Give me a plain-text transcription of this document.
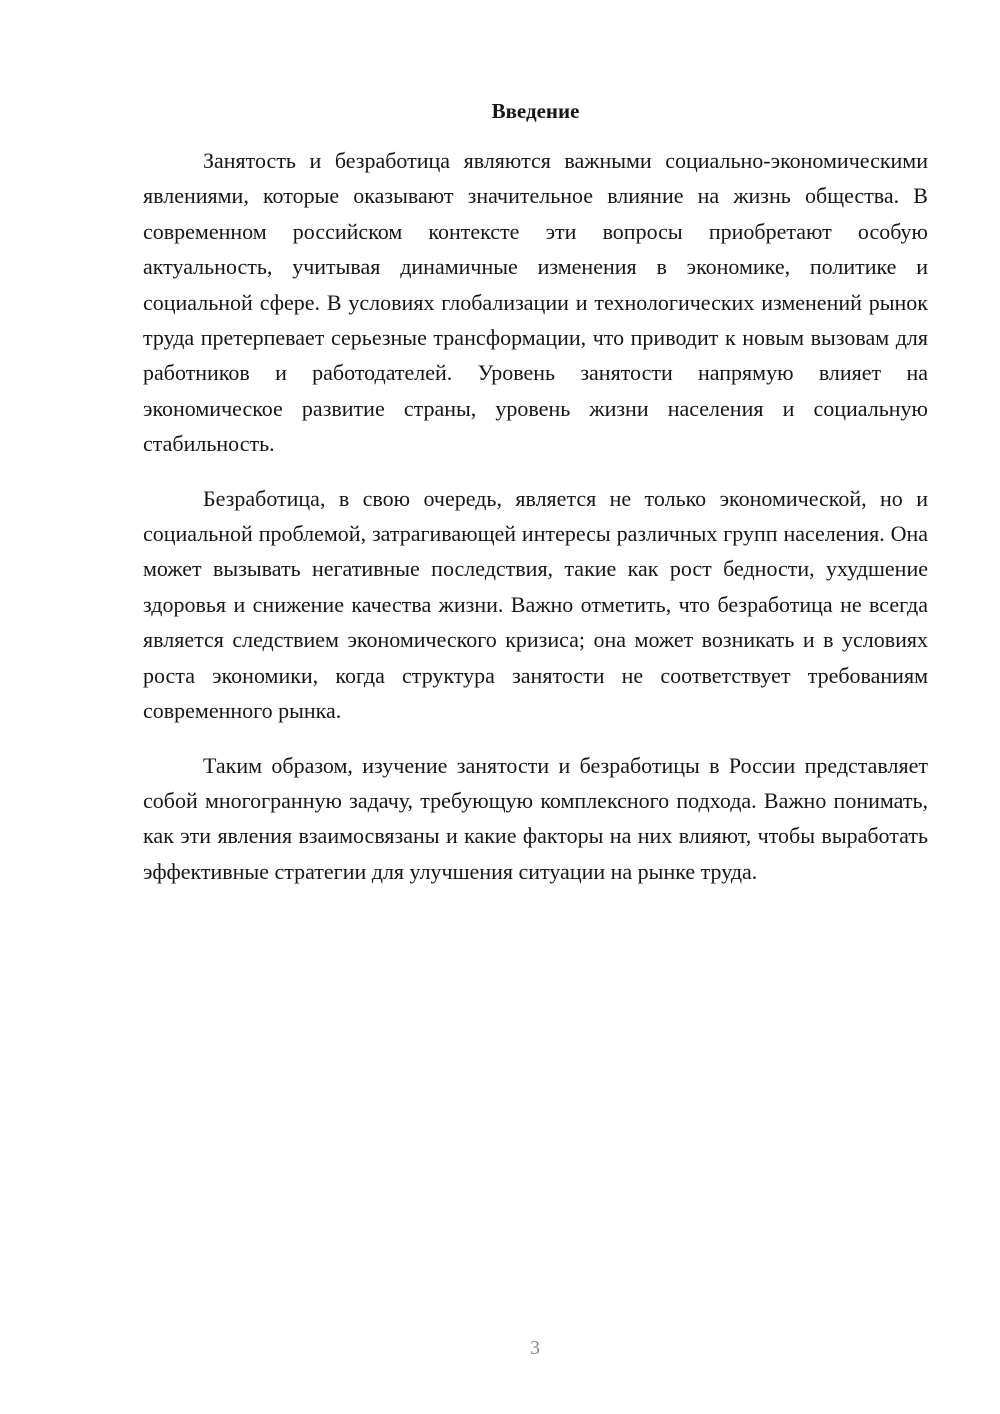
Введение

Занятость и безработица являются важными социально-экономическими явлениями, которые оказывают значительное влияние на жизнь общества. В современном российском контексте эти вопросы приобретают особую актуальность, учитывая динамичные изменения в экономике, политике и социальной сфере. В условиях глобализации и технологических изменений рынок труда претерпевает серьезные трансформации, что приводит к новым вызовам для работников и работодателей. Уровень занятости напрямую влияет на экономическое развитие страны, уровень жизни населения и социальную стабильность.

Безработица, в свою очередь, является не только экономической, но и социальной проблемой, затрагивающей интересы различных групп населения. Она может вызывать негативные последствия, такие как рост бедности, ухудшение здоровья и снижение качества жизни. Важно отметить, что безработица не всегда является следствием экономического кризиса; она может возникать и в условиях роста экономики, когда структура занятости не соответствует требованиям современного рынка.

Таким образом, изучение занятости и безработицы в России представляет собой многогранную задачу, требующую комплексного подхода. Важно понимать, как эти явления взаимосвязаны и какие факторы на них влияют, чтобы выработать эффективные стратегии для улучшения ситуации на рынке труда.

3
